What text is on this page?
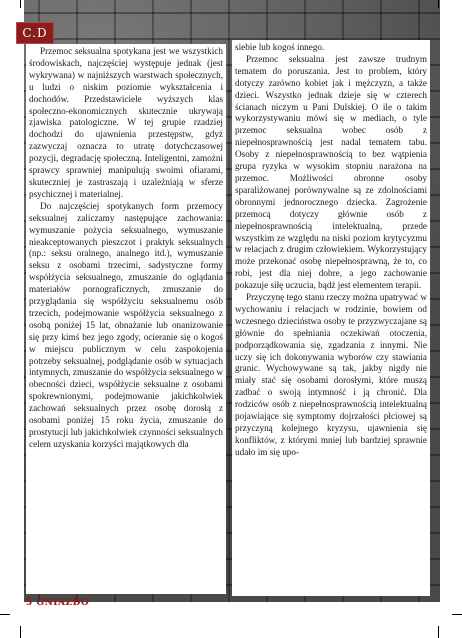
C.D

Przemoc seksualna spotykana jest we wszystkich środowiskach, najczęściej występuje jednak (jest wykrywana) w najniższych warstwach społecznych, u ludzi o niskim poziomie wykształcenia i dochodów. Przedstawiciele wyższych klas społeczno-ekonomicznych skutecznie ukrywają zjawiska patologiczne. W tej grupie rzadziej dochodzi do ujawnienia przestępstw, gdyż zazwyczaj oznacza to utratę dotychczasowej pozycji, degradację społeczną. Inteligentni, zamożni sprawcy sprawniej manipulują swoimi ofiarami, skuteczniej je zastraszają i uzależniają w sferze psychicznej i materialnej.

Do najczęściej spotykanych form przemocy seksualnej zaliczamy następujące zachowania: wymuszanie pożycia seksualnego, wymuszanie nieakceptowanych pieszczot i praktyk seksualnych (np.: seksu oralnego, analnego itd.), wymuszanie seksu z osobami trzecimi, sadystyczne formy współżycia seksualnego, zmuszanie do oglądania materiałów pornograficznych, zmuszanie do przyglądania się współżyciu seksualnemu osób trzecich, podejmowanie współżycia seksualnego z osobą poniżej 15 lat, obnażanie lub onanizowanie się przy kimś bez jego zgody, ocieranie się o kogoś w miejscu publicznym w celu zaspokojenia potrzeby seksualnej, podglądanie osób w sytuacjach intymnych, zmuszanie do współżycia seksualnego w obecności dzieci, współżycie seksualne z osobami spokrewnionymi, podejmowanie jakichkolwiek zachowań seksualnych przez osobę dorosłą z osobami poniżej 15 roku życia, zmuszanie do prostytucji lub jakichkolwiek czynności seksualnych celem uzyskania korzyści majątkowych dla

siebie lub kogoś innego.

Przemoc seksualna jest zawsze trudnym tematem do poruszania. Jest to problem, który dotyczy zarówno kobiet jak i mężczyzn, a także dzieci. Wszystko jednak dzieje się w czterech ścianach niczym u Pani Dulskiej. O ile o takim wykorzystywaniu mówi się w mediach, o tyle przemoc seksualna wobec osób z niepełnosprawnością jest nadal tematem tabu. Osoby z niepełnosprawnością to bez wątpienia grupa ryzyka w wysokim stopniu narażona na przemoc. Możliwości obronne osoby sparaliżowanej porównywalne są ze zdolnościami obronnymi jednorocznego dziecka. Zagrożenie przemocą dotyczy głównie osób z niepełnosprawnością intelektualną, przede wszystkim ze względu na niski poziom krytycyzmu w relacjach z drugim człowiekiem. Wykorzystujący może przekonać osobę niepełnosprawną, że to, co robi, jest dla niej dobre, a jego zachowanie pokazuje siłę uczucia, bądź jest elementem terapii.

Przyczynę tego stanu rzeczy można upatrywać w wychowaniu i relacjach w rodzinie, bowiem od wczesnego dzieciństwa osoby te przyzwyczajane są głównie do spełniania oczekiwań otoczenia, podporządkowania się, zgadzania z innymi. Nie uczy się ich dokonywania wyborów czy stawiania granic. Wychowywane są tak, jakby nigdy nie miały stać się osobami dorosłymi, które muszą zadbać o swoją intymność i ją chronić. Dla rodziców osób z niepełnosprawnością intelektualną pojawiające się symptomy dojrzałości płciowej są przyczyną kolejnego kryzysu, ujawnienia się konfliktów, z którymi mniej lub bardziej sprawnie udało im się upo-

5 GNIAZDO
